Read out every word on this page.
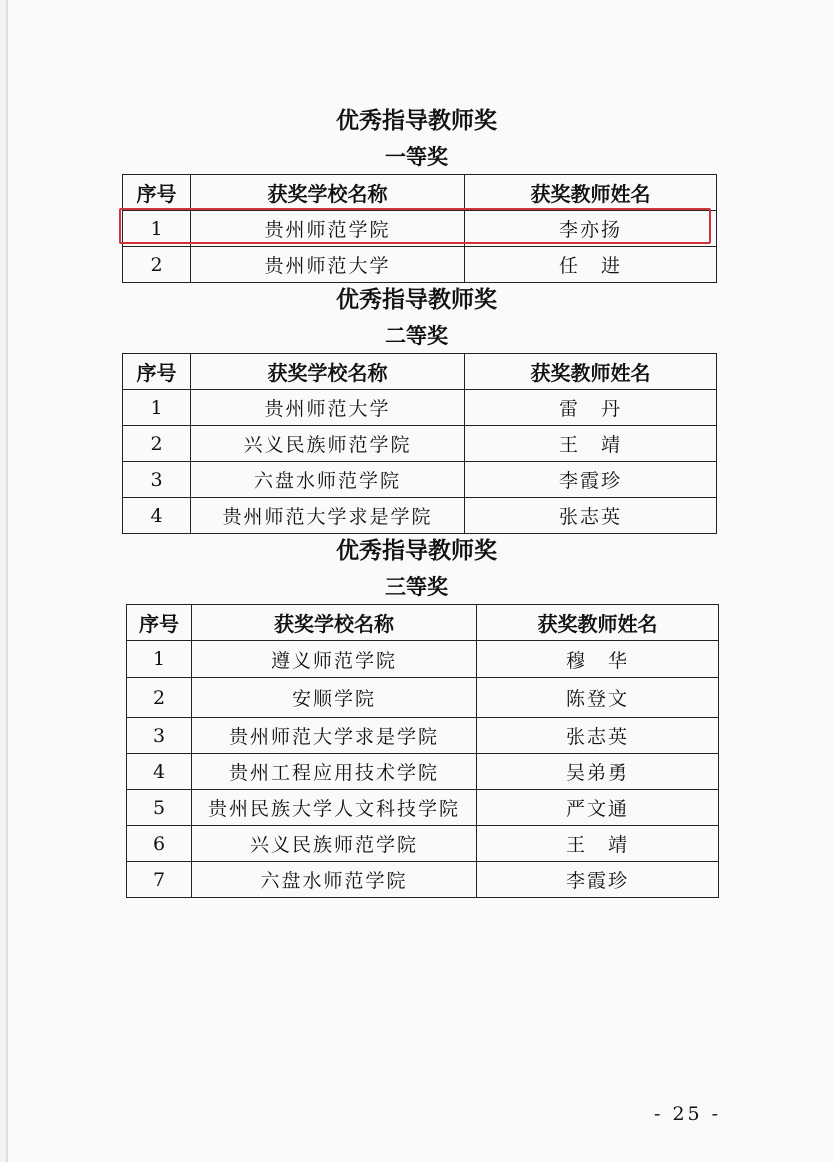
优秀指导教师奖
一等奖
序号	获奖学校名称	获奖教师姓名
1	贵州师范学院	李亦扬
2	贵州师范大学	任　进
优秀指导教师奖
二等奖
序号	获奖学校名称	获奖教师姓名
1	贵州师范大学	雷　丹
2	兴义民族师范学院	王　靖
3	六盘水师范学院	李霞珍
4	贵州师范大学求是学院	张志英
优秀指导教师奖
三等奖
序号	获奖学校名称	获奖教师姓名
1	遵义师范学院	穆　华
2	安顺学院	陈登文
3	贵州师范大学求是学院	张志英
4	贵州工程应用技术学院	吴弟勇
5	贵州民族大学人文科技学院	严文通
6	兴义民族师范学院	王　靖
7	六盘水师范学院	李霞珍
- 25 -
